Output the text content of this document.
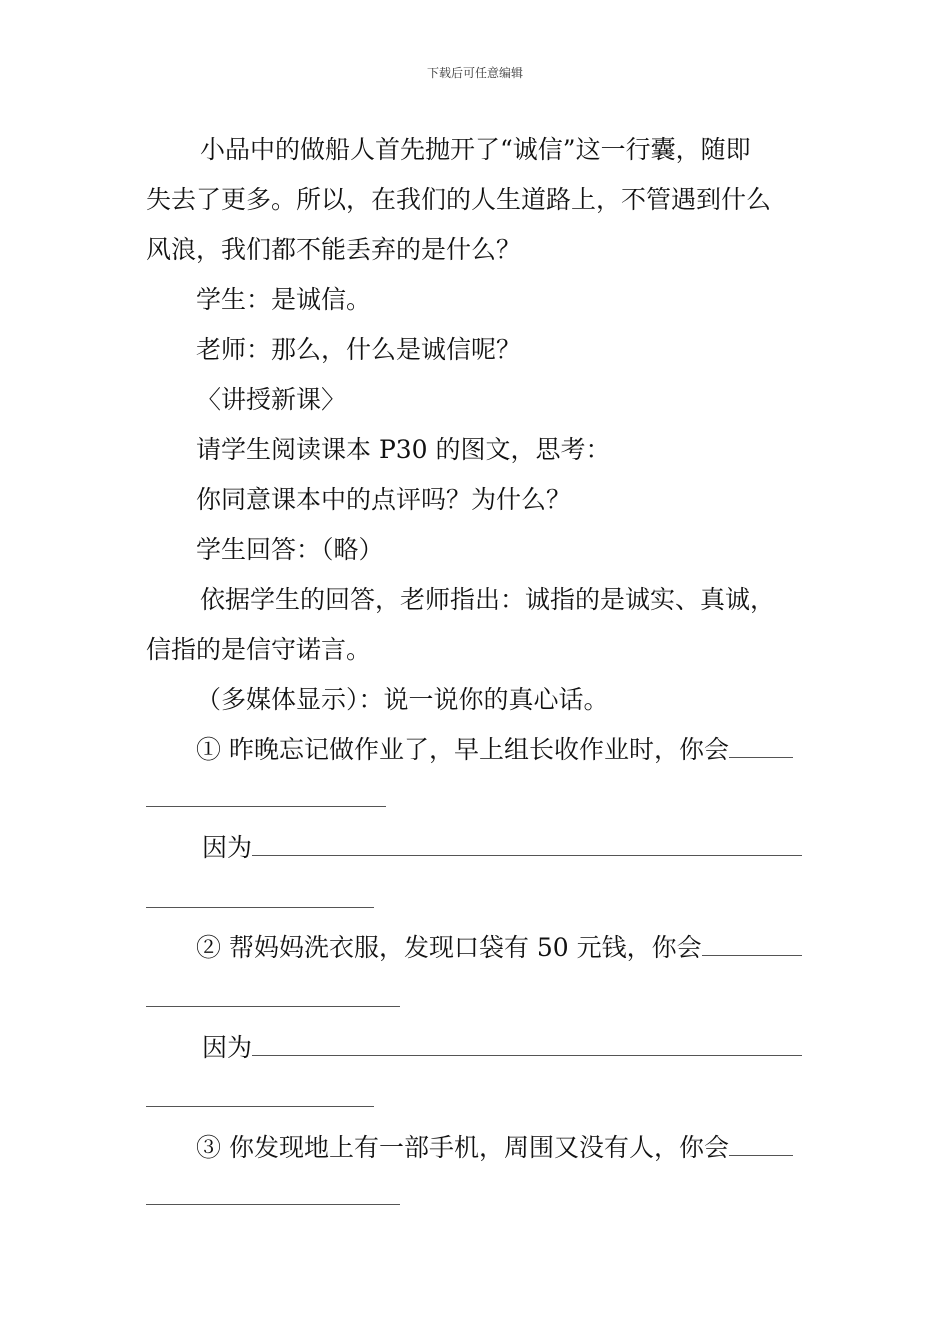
下载后可任意编辑
小品中的做船人首先抛开了“诚信”这一行囊，随即
失去了更多。所以，在我们的人生道路上，不管遇到什么
风浪，我们都不能丢弃的是什么？
学生：是诚信。
老师：那么，什么是诚信呢？
〈讲授新课〉
请学生阅读课本 P30 的图文，思考：
你同意课本中的点评吗？为什么？
学生回答：（略）
依据学生的回答，老师指出：诚指的是诚实、真诚，
信指的是信守诺言。
（多媒体显示）：说一说你的真心话。
① 昨晚忘记做作业了，早上组长收作业时，你会
因为
② 帮妈妈洗衣服，发现口袋有 50 元钱，你会
因为
③ 你发现地上有一部手机，周围又没有人，你会
